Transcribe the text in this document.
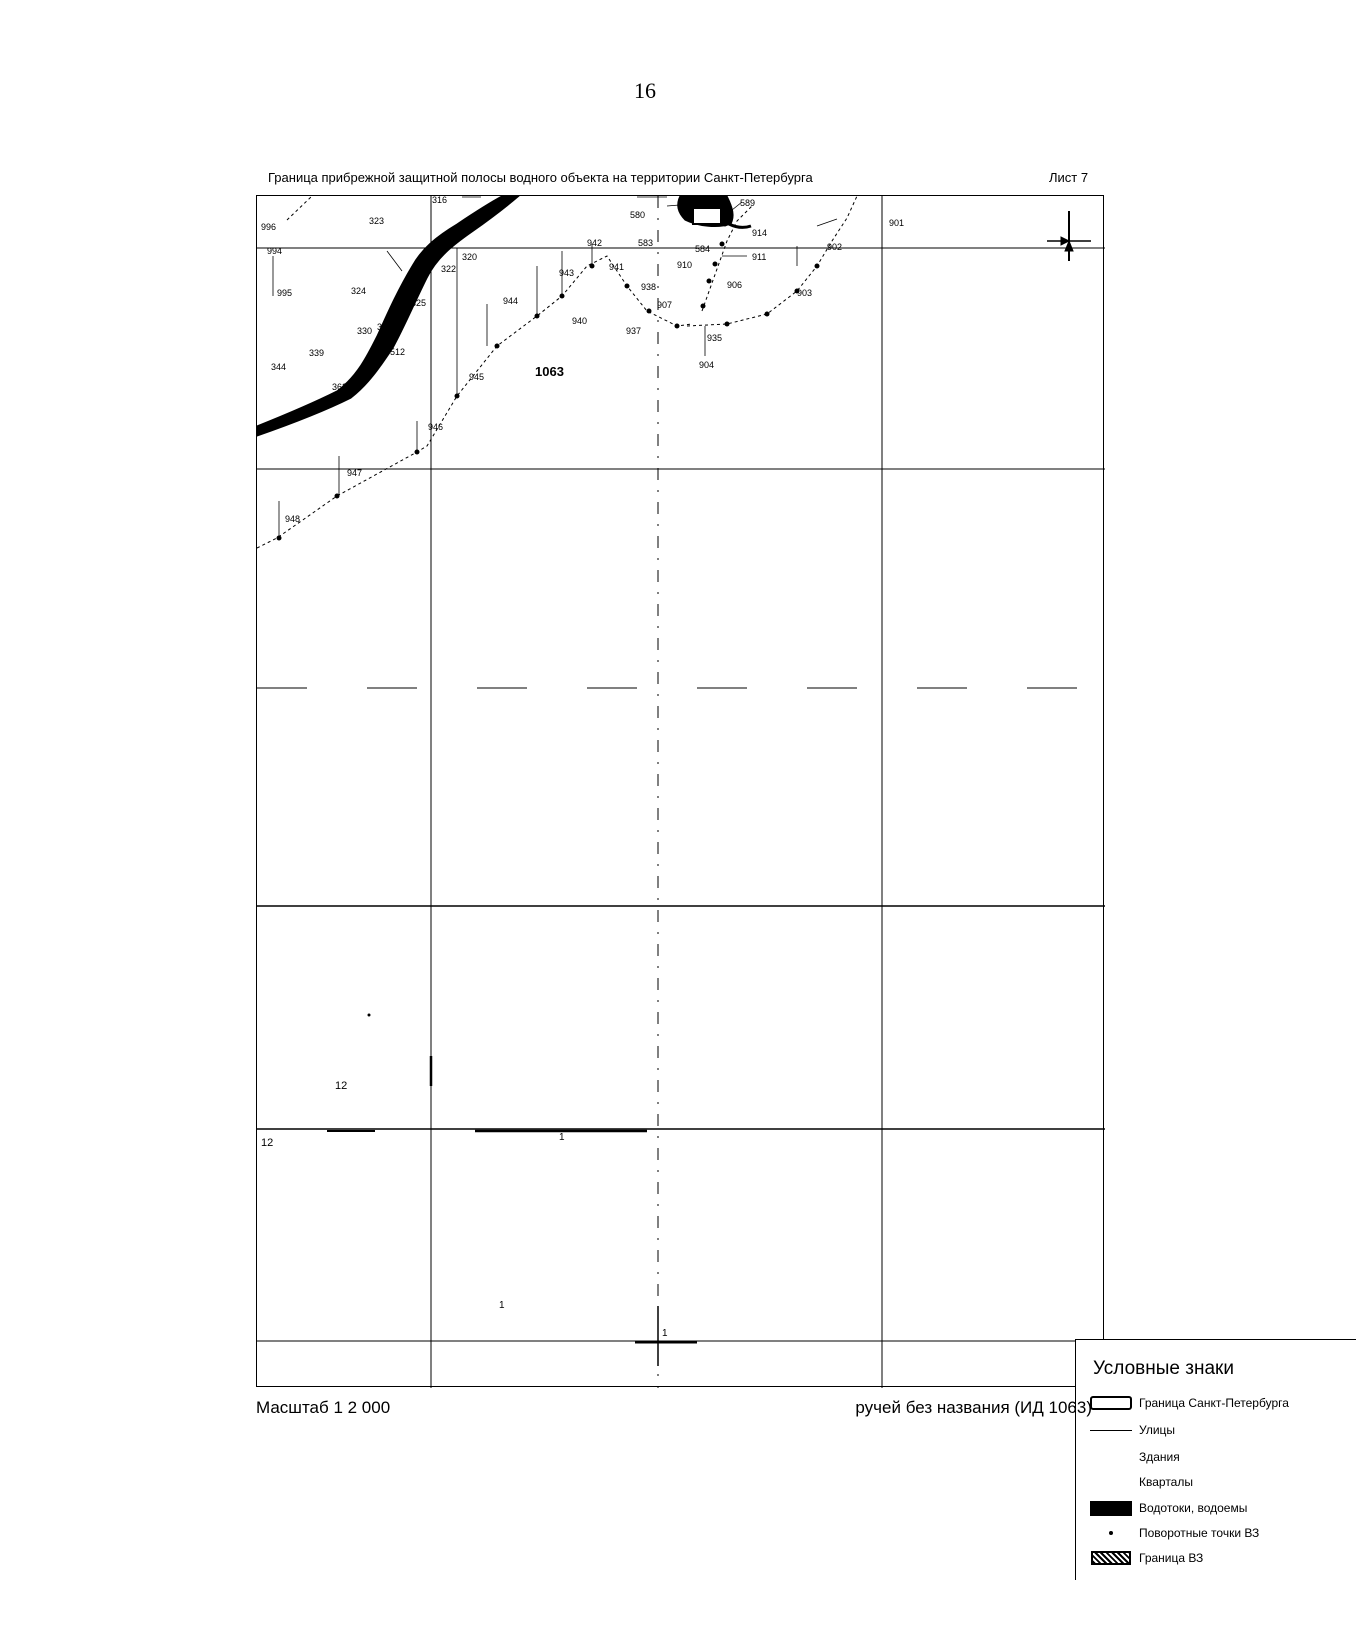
16
Граница прибрежной защитной полосы водного объекта на территории Санкт-Петербурга	Лист 7
1063
316
323
322
320
324
325
328
330
339	512
344
362
996
995
994
580
589
583
584
914
911
910
906
907
935
937
940
904
901
902
903
942
943
941
944
945
946
947
948
938
12
12	1
1
1
Условные знаки
Граница Санкт-Петербурга
Улицы
Здания
Кварталы
Водотоки, водоемы
Поворотные точки ВЗ
Граница ВЗ
Масштаб 1 2 000	ручей без названия (ИД 1063)
